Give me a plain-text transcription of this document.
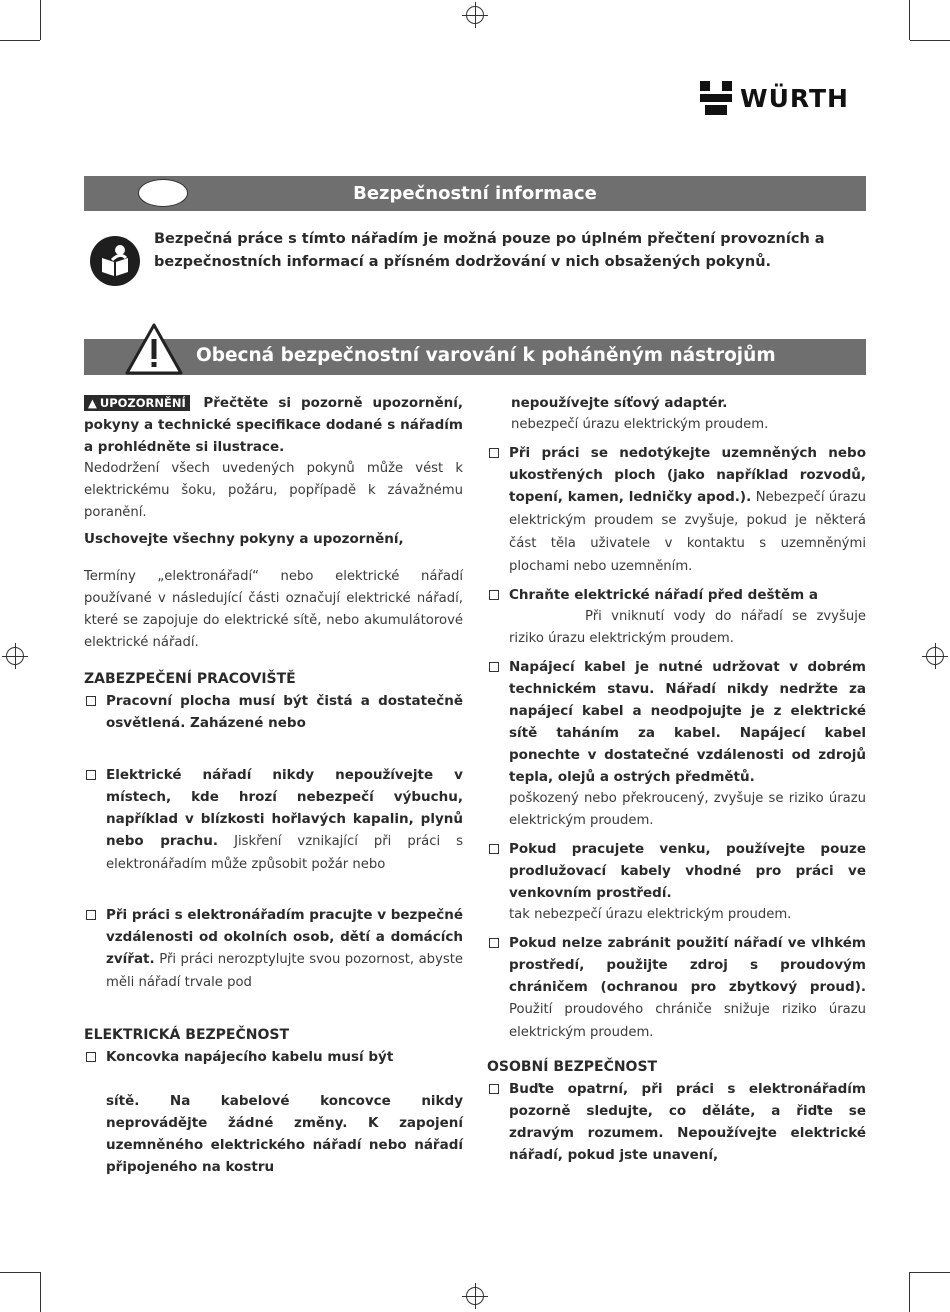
WÜRTH
Bezpečnostní informace
Bezpečná práce s tímto nářadím je možná pouze po úplném přečtení provozních a bezpečnostních informací a přísném dodržování v nich obsažených pokynů.
Obecná bezpečnostní varování k poháněným nástrojům

▲ UPOZORNĚNÍ Přečtěte si pozorně upozornění, pokyny a technické specifikace dodané s nářadím a prohlédněte si ilustrace.

Nedodržení všech uvedených pokynů může vést k elektrickému šoku, požáru, popřípadě k závažnému poranění.

Uschovejte všechny pokyny a upozornění,

Termíny „elektronářadí“ nebo elektrické nářadí používané v následující části označují elektrické nářadí, které se zapojuje do elektrické sítě, nebo akumulátorové elektrické nářadí.

ZABEZPEČENÍ PRACOVIŠTĚ

Pracovní plocha musí být čistá a dostatečně osvětlená. Zaházené nebo
Elektrické nářadí nikdy nepoužívejte v místech, kde hrozí nebezpečí výbuchu, například v blízkosti hořlavých kapalin, plynů nebo prachu. Jiskření vznikající při práci s elektronářadím může způsobit požár nebo
Při práci s elektronářadím pracujte v bezpečné vzdálenosti od okolních osob, dětí a domácích zvířat. Při práci nerozptylujte svou pozornost, abyste měli nářadí trvale pod

ELEKTRICKÁ BEZPEČNOST

Koncovka napájecího kabelu musí být

sítě. Na kabelové koncovce nikdy neprovádějte žádné změny. K zapojení uzemněného elektrického nářadí nebo nářadí připojeného na kostru

nepoužívejte síťový adaptér.

nebezpečí úrazu elektrickým proudem.

Při práci se nedotýkejte uzemněných nebo ukostřených ploch (jako například rozvodů, topení, kamen, ledničky apod.). Nebezpečí úrazu elektrickým proudem se zvyšuje, pokud je některá část těla uživatele v kontaktu s uzemněnými plochami nebo uzemněním.

Chraňte elektrické nářadí před deštěm a

Při vniknutí vody do nářadí se zvyšuje riziko úrazu elektrickým proudem.

Napájecí kabel je nutné udržovat v dobrém technickém stavu. Nářadí nikdy nedržte za napájecí kabel a neodpojujte je z elektrické sítě taháním za kabel. Napájecí kabel ponechte v dostatečné vzdálenosti od zdrojů tepla, olejů a ostrých předmětů.

poškozený nebo překroucený, zvyšuje se riziko úrazu elektrickým proudem.

Pokud pracujete venku, používejte pouze prodlužovací kabely vhodné pro práci ve venkovním prostředí.

tak nebezpečí úrazu elektrickým proudem.

Pokud nelze zabránit použití nářadí ve vlhkém prostředí, použijte zdroj s proudovým chráničem (ochranou pro zbytkový proud). Použití proudového chrániče snižuje riziko úrazu elektrickým proudem.

OSOBNÍ BEZPEČNOST

Buďte opatrní, při práci s elektronářadím pozorně sledujte, co děláte, a řiďte se zdravým rozumem. Nepoužívejte elektrické nářadí, pokud jste unavení,
